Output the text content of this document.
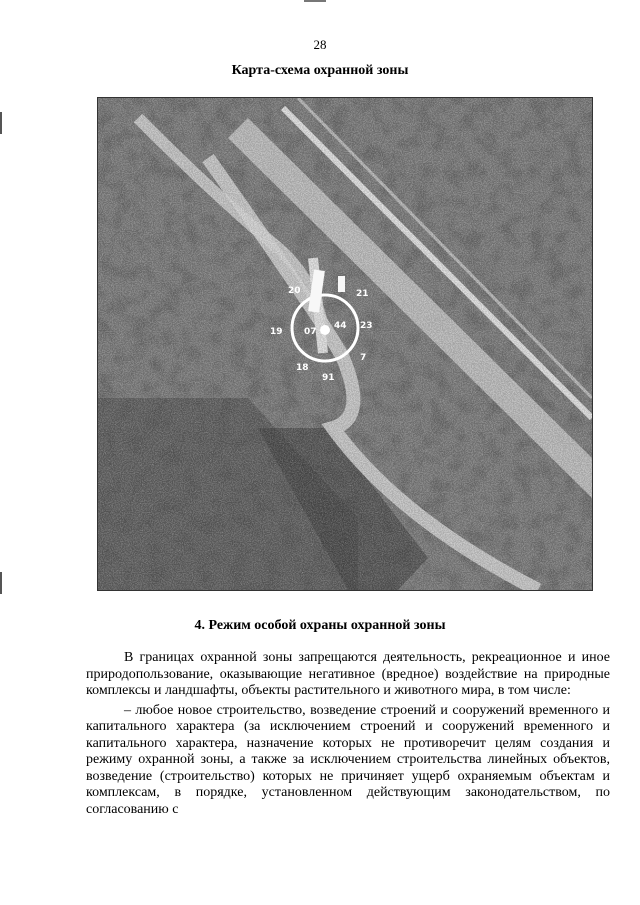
28
Карта-схема охранной зоны
20	21
23
19 07
44
18
91
7
4. Режим особой охраны охранной зоны

В границах охранной зоны запрещаются деятельность, рекреационное и иное природопользование, оказывающие негативное (вредное) воздействие на природные комплексы и ландшафты, объекты растительного и животного мира, в том числе:

– любое новое строительство, возведение строений и сооружений временного и капитального характера (за исключением строений и сооружений временного и капитального характера, назначение которых не противоречит целям создания и режиму охранной зоны, а также за исключением строительства линейных объектов, возведение (строительство) которых не причиняет ущерб охраняемым объектам и комплексам, в порядке, установленном действующим законодательством, по согласованию с
